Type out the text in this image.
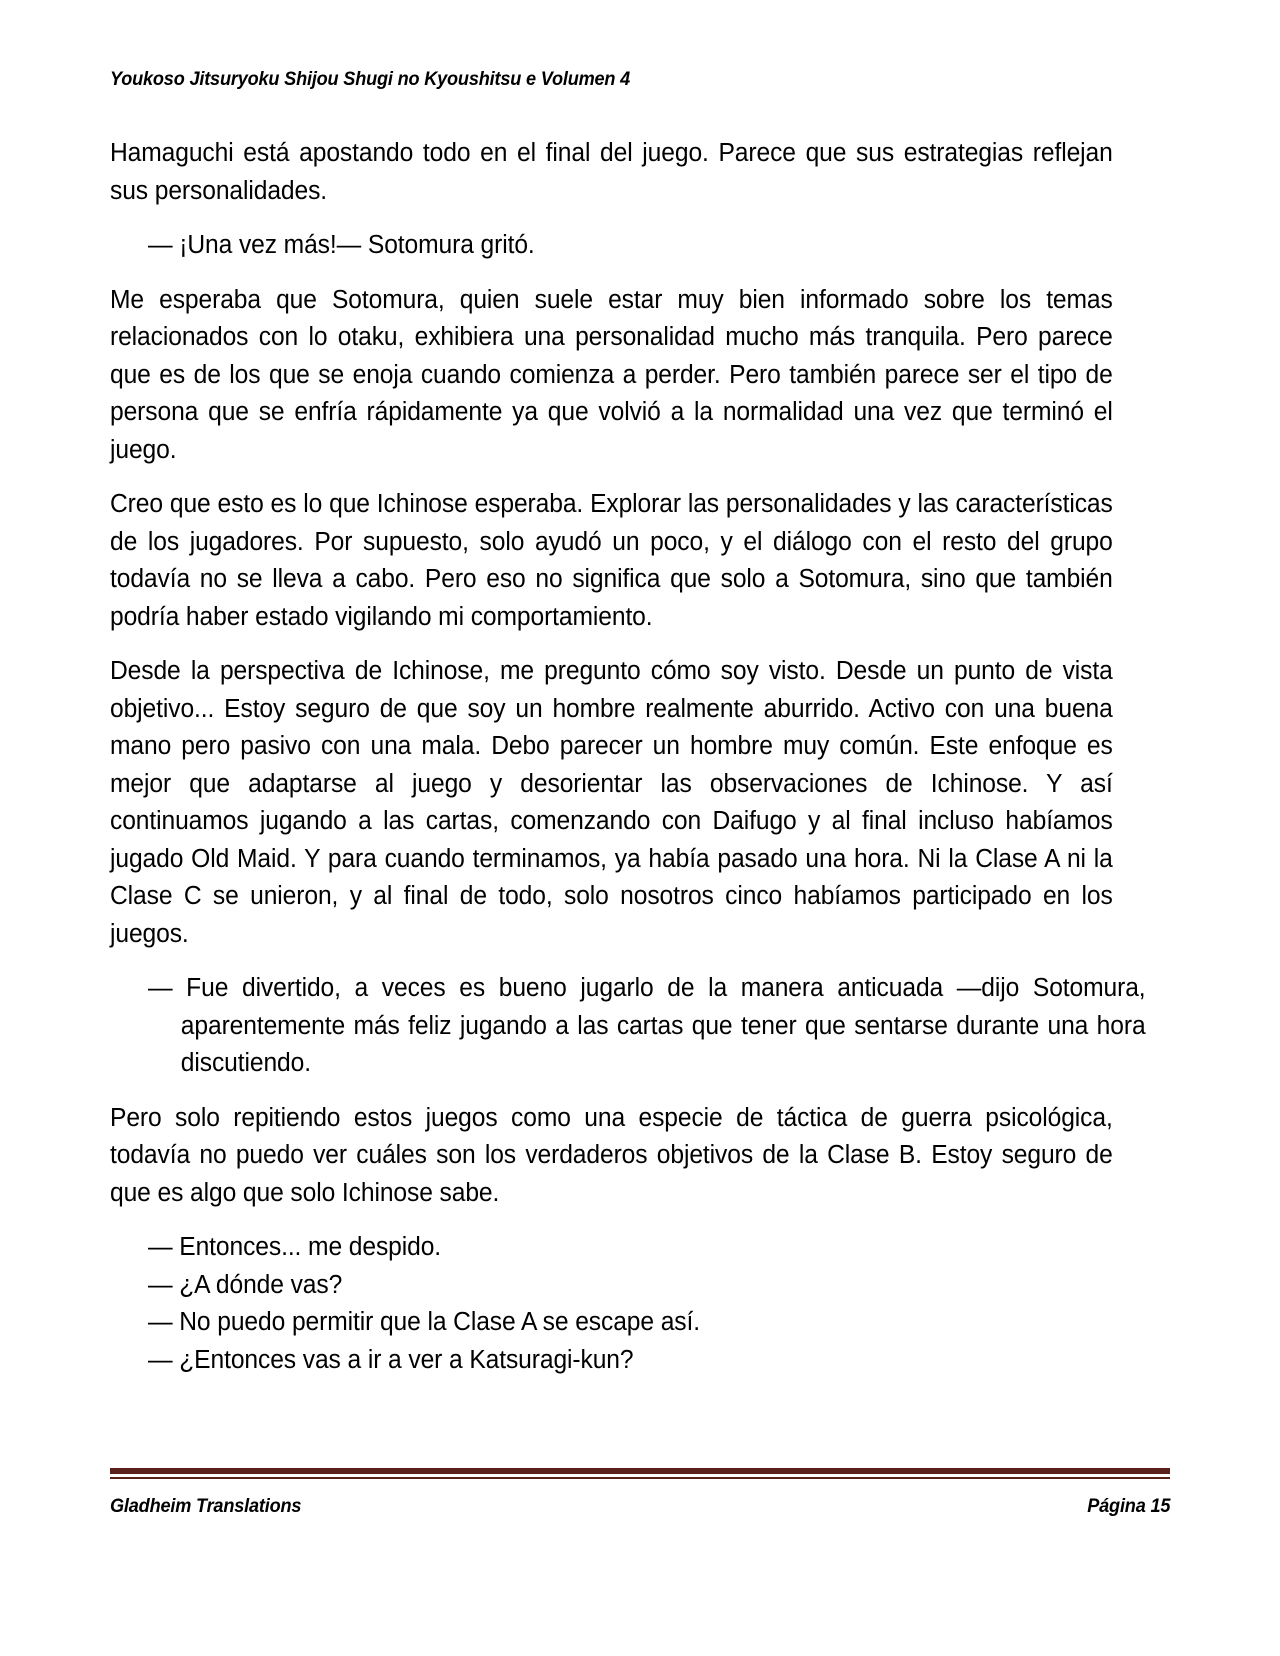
Youkoso Jitsuryoku Shijou Shugi no Kyoushitsu e Volumen 4

Hamaguchi está apostando todo en el final del juego. Parece que sus estrategias reflejan sus personalidades.

— ¡Una vez más!— Sotomura gritó.

Me esperaba que Sotomura, quien suele estar muy bien informado sobre los temas relacionados con lo otaku, exhibiera una personalidad mucho más tranquila. Pero parece que es de los que se enoja cuando comienza a perder. Pero también parece ser el tipo de persona que se enfría rápidamente ya que volvió a la normalidad una vez que terminó el juego.

Creo que esto es lo que Ichinose esperaba. Explorar las personalidades y las características de los jugadores. Por supuesto, solo ayudó un poco, y el diálogo con el resto del grupo todavía no se lleva a cabo. Pero eso no significa que solo a Sotomura, sino que también podría haber estado vigilando mi comportamiento.

Desde la perspectiva de Ichinose, me pregunto cómo soy visto. Desde un punto de vista objetivo... Estoy seguro de que soy un hombre realmente aburrido. Activo con una buena mano pero pasivo con una mala. Debo parecer un hombre muy común. Este enfoque es mejor que adaptarse al juego y desorientar las observaciones de Ichinose. Y así continuamos jugando a las cartas, comenzando con Daifugo y al final incluso habíamos jugado Old Maid. Y para cuando terminamos, ya había pasado una hora. Ni la Clase A ni la Clase C se unieron, y al final de todo, solo nosotros cinco habíamos participado en los juegos.

— Fue divertido, a veces es bueno jugarlo de la manera anticuada —dijo Sotomura, aparentemente más feliz jugando a las cartas que tener que sentarse durante una hora discutiendo.

Pero solo repitiendo estos juegos como una especie de táctica de guerra psicológica, todavía no puedo ver cuáles son los verdaderos objetivos de la Clase B. Estoy seguro de que es algo que solo Ichinose sabe.

— Entonces... me despido.

— ¿A dónde vas?

— No puedo permitir que la Clase A se escape así.

— ¿Entonces vas a ir a ver a Katsuragi-kun?

Gladheim Translations	Página 15
